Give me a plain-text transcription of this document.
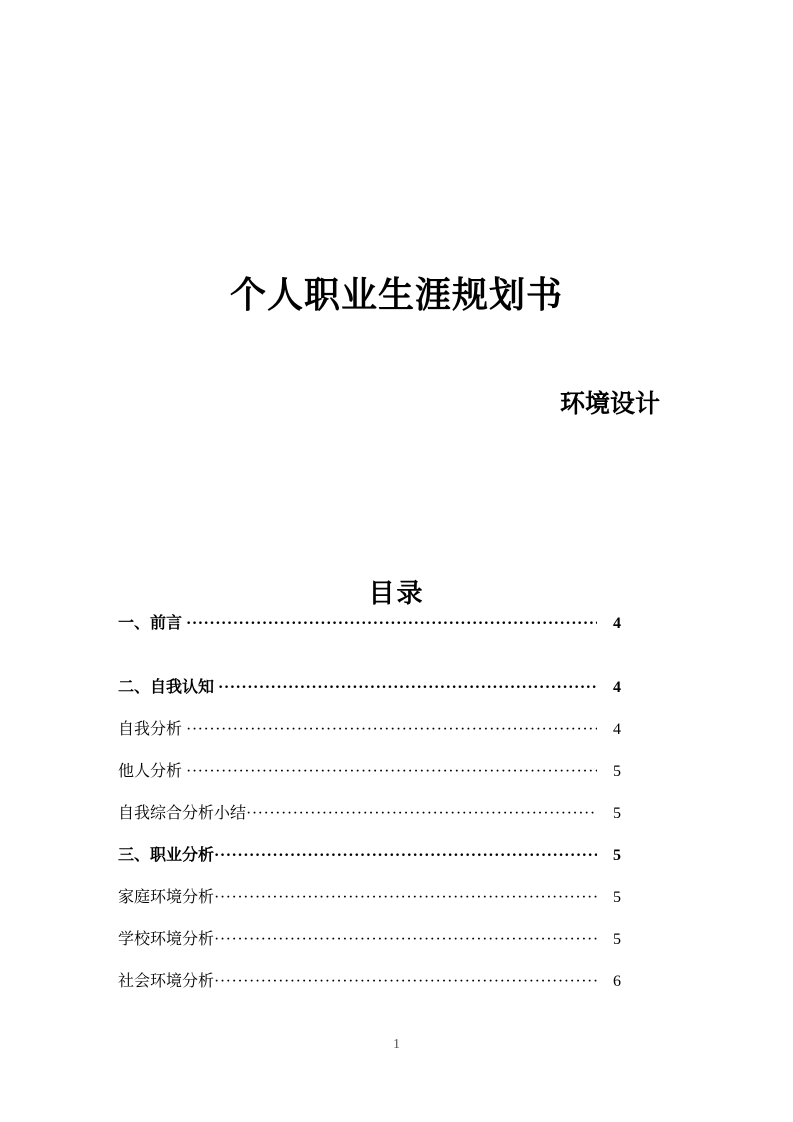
个人职业生涯规划书
环境设计
目录
一、前言 ·····	4
二、自我认知 ·····	4
自我分析 ·····	4
他人分析 ·····	5
自我综合分析小结 ·····	5
三、职业分析 ·····	5
家庭环境分析 ·····	5
学校环境分析 ·····	5
社会环境分析 ·····	6
1
